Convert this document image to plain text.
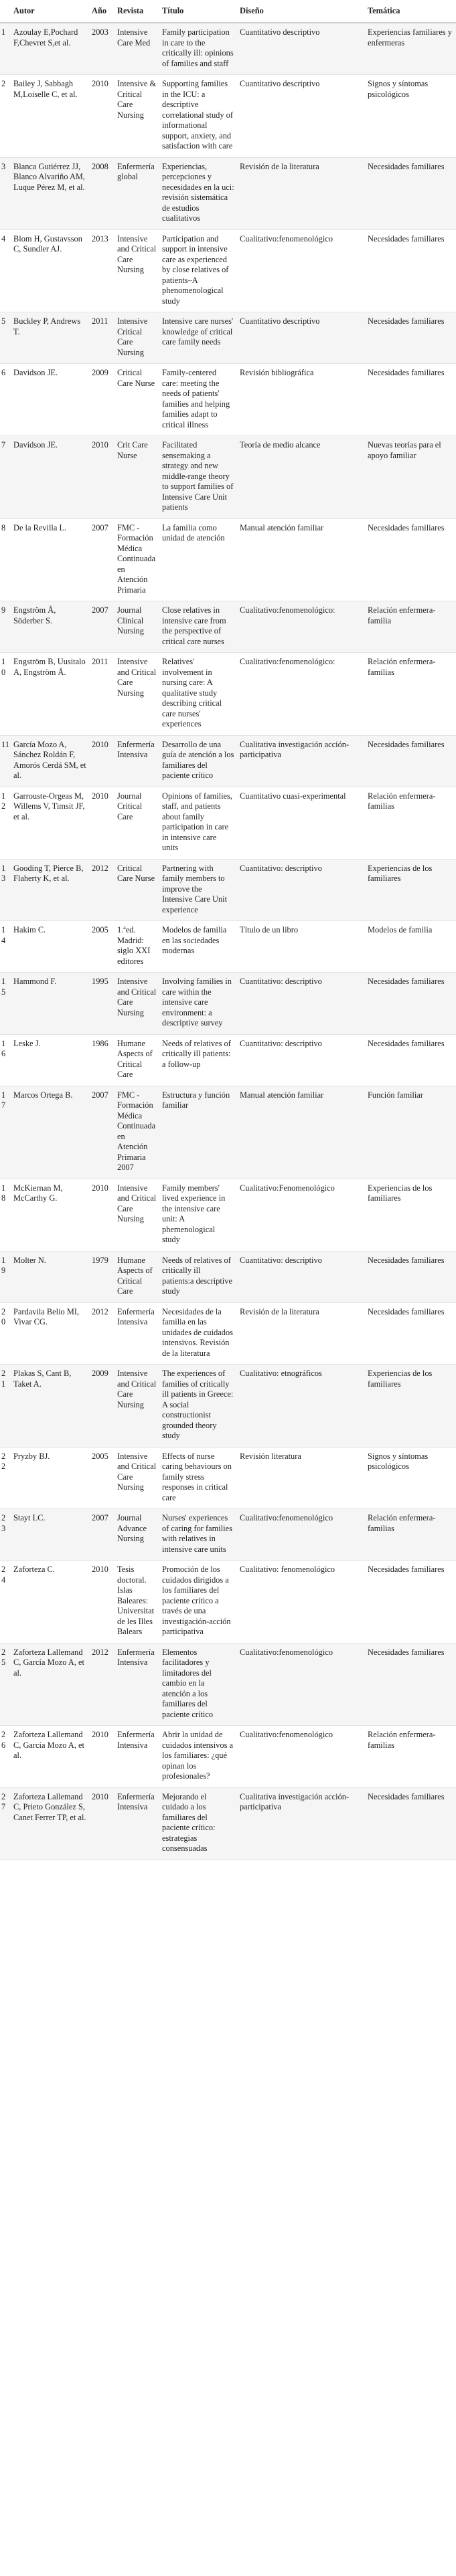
	Autor	Año	Revista	Título	Diseño	Temática
1	Azoulay E,Pochard F,Chevret S,et al.	2003	Intensive Care Med	Family participation in care to the critically ill: opinions of families and staff	Cuantitativo descriptivo	Experiencias familiares y enfermeras
2	Bailey J, Sabbagh M,Loiselle C, et al.	2010	Intensive & Critical Care Nursing	Supporting families in the ICU: a descriptive correlational study of informational support, anxiety, and satisfaction with care	Cuantitativo descriptivo	Signos y síntomas psicológicos
3	Blanca Gutiérrez JJ, Blanco Alvariño AM, Luque Pérez M, et al.	2008	Enfermería global	Experiencias, percepciones y necesidades en la uci: revisión sistemática de estudios cualitativos	Revisión de la literatura	Necesidades familiares
4	Blom H, Gustavsson C, Sundler AJ.	2013	Intensive and Critical Care Nursing	Participation and support in intensive care as experienced by close relatives of patients–A phenomenological study	Cualitativo:fenomenológico	Necesidades familiares
5	Buckley P, Andrews T.	2011	Intensive Critical Care Nursing	Intensive care nurses' knowledge of critical care family needs	Cuantitativo descriptivo	Necesidades familiares
6	Davidson JE.	2009	Critical Care Nurse	Family-centered care: meeting the needs of patients' families and helping families adapt to critical illness	Revisión bibliográfica	Necesidades familiares
7	Davidson JE.	2010	Crit Care Nurse	Facilitated sensemaking a strategy and new middle-range theory to support families of Intensive Care Unit patients	Teoría de medio alcance	Nuevas teorías para el apoyo familiar
8	De la Revilla L.	2007	FMC - Formación Médica Continuada en Atención Primaria	La familia como unidad de atención	Manual atención familiar	Necesidades familiares
9	Engström Å, Söderber S.	2007	Journal Clinical Nursing	Close relatives in intensive care from the perspective of critical care nurses	Cualitativo:fenomenológico:	Relación enfermera-familia
10	Engström B, Uusitalo A, Engström Å.	2011	Intensive and Critical Care Nursing	Relatives' involvement in nursing care: A qualitative study describing critical care nurses' experiences	Cualitativo:fenomenológico:	Relación enfermera-familias
11	García Mozo A, Sánchez Roldán F, Amorós Cerdá SM, et al.	2010	Enfermería Intensiva	Desarrollo de una guía de atención a los familiares del paciente crítico	Cualitativa investigación acción-participativa	Necesidades familiares
12	Garrouste-Orgeas M, Willems V, Timsit JF, et al.	2010	Journal Critical Care	Opinions of families, staff, and patients about family participation in care in intensive care units	Cuantitativo cuasi-experimental	Relación enfermera-familias
13	Gooding T, Pierce B, Flaherty K, et al.	2012	Critical Care Nurse	Partnering with family members to improve the Intensive Care Unit experience	Cuantitativo: descriptivo	Experiencias de los familiares
14	Hakim C.	2005	1.ªed. Madrid: siglo XXI editores	Modelos de familia en las sociedades modernas	Título de un libro	Modelos de familia
15	Hammond F.	1995	Intensive and Critical Care Nursing	Involving families in care within the intensive care environment: a descriptive survey	Cuantitativo: descriptivo	Necesidades familiares
16	Leske J.	1986	Humane Aspects of Critical Care	Needs of relatives of critically ill patients: a follow-up	Cuantitativo: descriptivo	Necesidades familiares
17	Marcos Ortega B.	2007	FMC - Formación Médica Continuada en Atención Primaria 2007	Estructura y función familiar	Manual atención familiar	Función familiar
18	McKiernan M, McCarthy G.	2010	Intensive and Critical Care Nursing	Family members' lived experience in the intensive care unit: A phemenological study	Cualitativo:Fenomenológico	Experiencias de los familiares
19	Molter N.	1979	Humane Aspects of Critical Care	Needs of relatives of critically ill patients:a descriptive study	Cuantitativo: descriptivo	Necesidades familiares
20	Pardavila Belio MI, Vivar CG.	2012	Enfermería Intensiva	Necesidades de la familia en las unidades de cuidados intensivos. Revisión de la literatura	Revisión de la literatura	Necesidades familiares
21	Plakas S, Cant B, Taket A.	2009	Intensive and Critical Care Nursing	The experiences of families of critically ill patients in Greece: A social constructionist grounded theory study	Cualitativo: etnográficos	Experiencias de los familiares
22	Pryzby BJ.	2005	Intensive and Critical Care Nursing	Effects of nurse caring behaviours on family stress responses in critical care	Revisión literatura	Signos y síntomas psicológicos
23	Stayt LC.	2007	Journal Advance Nursing	Nurses' experiences of caring for families with relatives in intensive care units	Cualitativo:fenomenológico	Relación enfermera-familias
24	Zaforteza C.	2010	Tesis doctoral. Islas Baleares: Universitat de les Illes Balears	Promoción de los cuidados dirigidos a los familiares del paciente crítico a través de una investigación-acción participativa	Cualitativo: fenomenológico	Necesidades familiares
25	Zaforteza Lallemand C, García Mozo A, et al.	2012	Enfermería Intensiva	Elementos facilitadores y limitadores del cambio en la atención a los familiares del paciente crítico	Cualitativo:fenomenológico	Necesidades familiares
26	Zaforteza Lallemand C, García Mozo A, et al.	2010	Enfermería Intensiva	Abrir la unidad de cuidados intensivos a los familiares: ¿qué opinan los profesionales?	Cualitativo:fenomenológico	Relación enfermera-familias
27	Zaforteza Lallemand C, Prieto González S, Canet Ferrer TP, et al.	2010	Enfermería Intensiva	Mejorando el cuidado a los familiares del paciente crítico: estrategias consensuadas	Cualitativa investigación acción-participativa	Necesidades familiares
